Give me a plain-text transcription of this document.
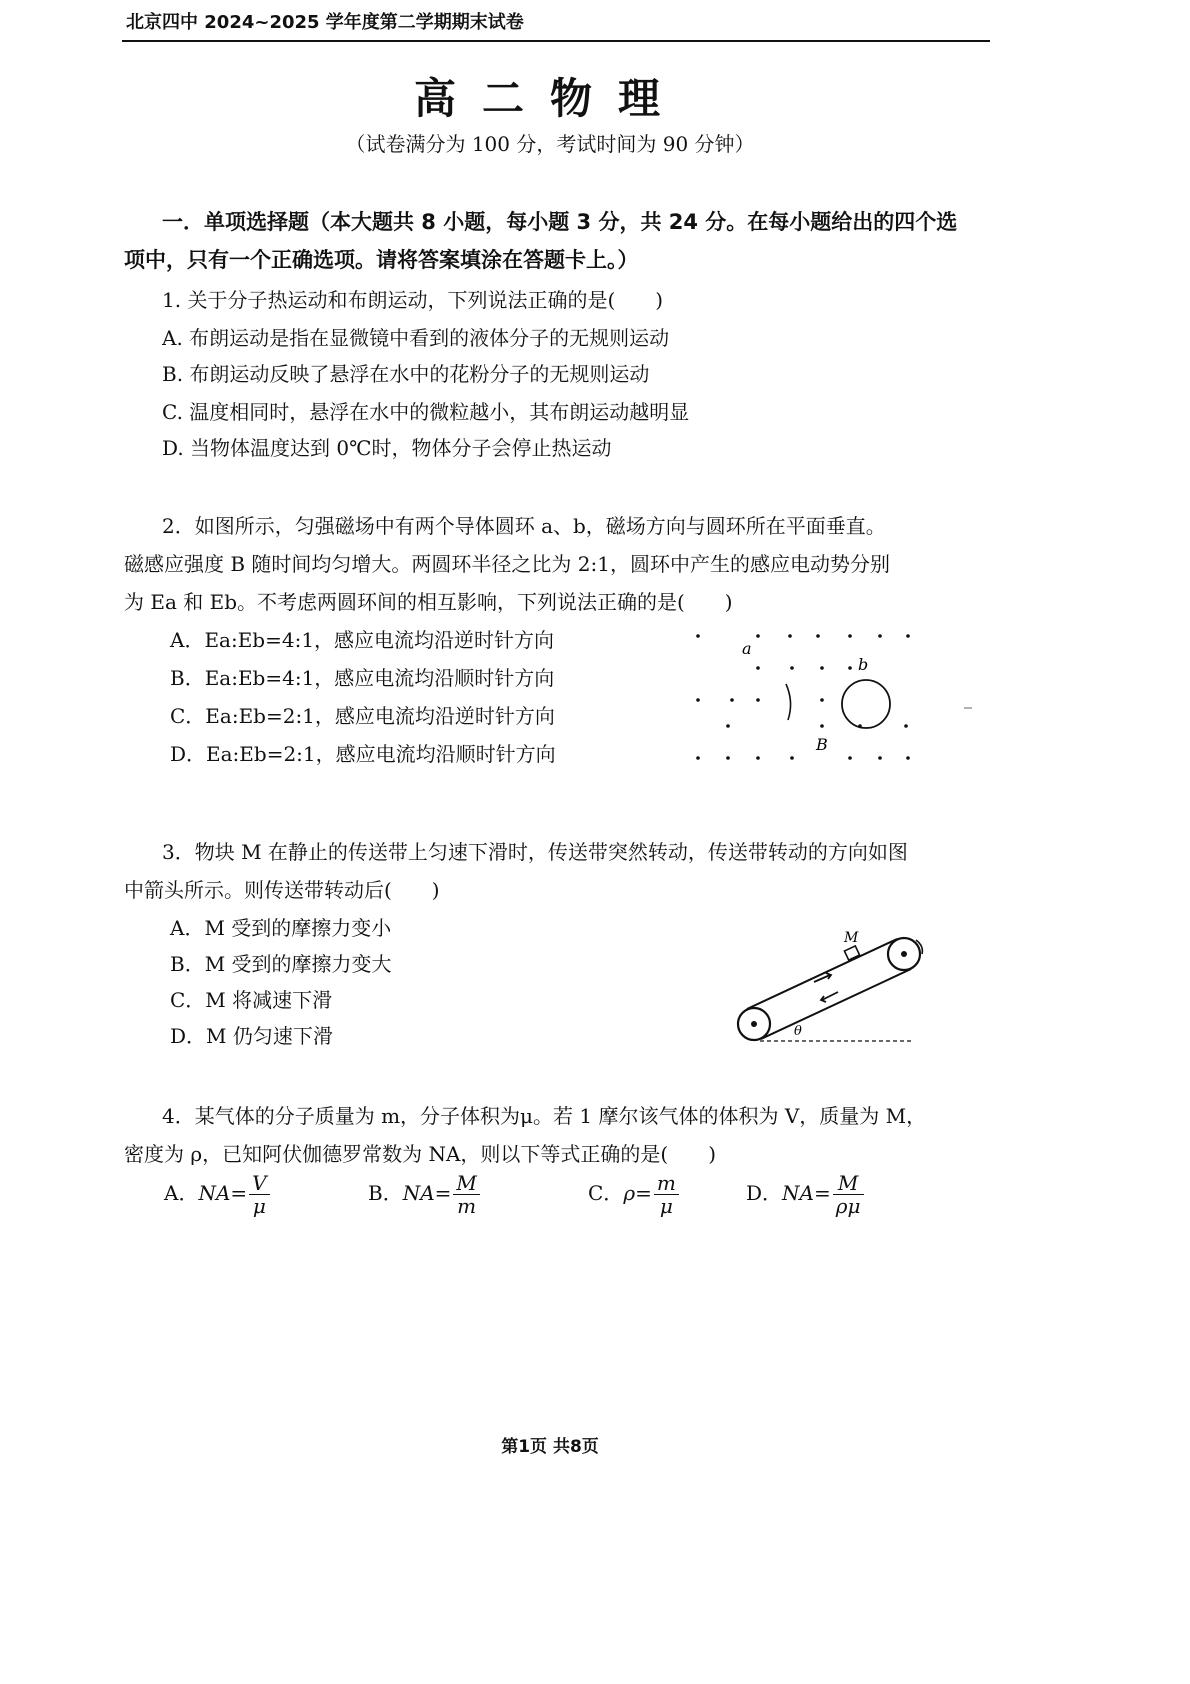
北京四中 2024~2025 学年度第二学期期末试卷
高二物理
（试卷满分为 100 分，考试时间为 90 分钟）
一．单项选择题（本大题共 8 小题，每小题 3 分，共 24 分。在每小题给出的四个选
项中，只有一个正确选项。请将答案填涂在答题卡上。）
1. 关于分子热运动和布朗运动，下列说法正确的是(　　)
A. 布朗运动是指在显微镜中看到的液体分子的无规则运动
B. 布朗运动反映了悬浮在水中的花粉分子的无规则运动
C. 温度相同时，悬浮在水中的微粒越小，其布朗运动越明显
D. 当物体温度达到 0℃时，物体分子会停止热运动
2．如图所示，匀强磁场中有两个导体圆环 a、b，磁场方向与圆环所在平面垂直。
磁感应强度 B 随时间均匀增大。两圆环半径之比为 2:1，圆环中产生的感应电动势分别
为 Ea 和 Eb。不考虑两圆环间的相互影响，下列说法正确的是(　　)
A．Ea:Eb=4:1，感应电流均沿逆时针方向
B．Ea:Eb=4:1，感应电流均沿顺时针方向
C．Ea:Eb=2:1，感应电流均沿逆时针方向
D．Ea:Eb=2:1，感应电流均沿顺时针方向
a
b
B
3．物块 M 在静止的传送带上匀速下滑时，传送带突然转动，传送带转动的方向如图
中箭头所示。则传送带转动后(　　)
A．M 受到的摩擦力变小
B．M 受到的摩擦力变大
C．M 将减速下滑
D．M 仍匀速下滑
M
θ
4．某气体的分子质量为 m，分子体积为μ。若 1 摩尔该气体的体积为 V，质量为 M，
密度为 ρ，已知阿伏伽德罗常数为 NA，则以下等式正确的是(　　)
A．$NA= \frac{V}{\mu}$	B．$NA= \frac{M}{m}$	C．$\rho= \frac{m}{\mu}$	D．$NA= \frac{M}{\rho\mu}$
第1页 共8页
